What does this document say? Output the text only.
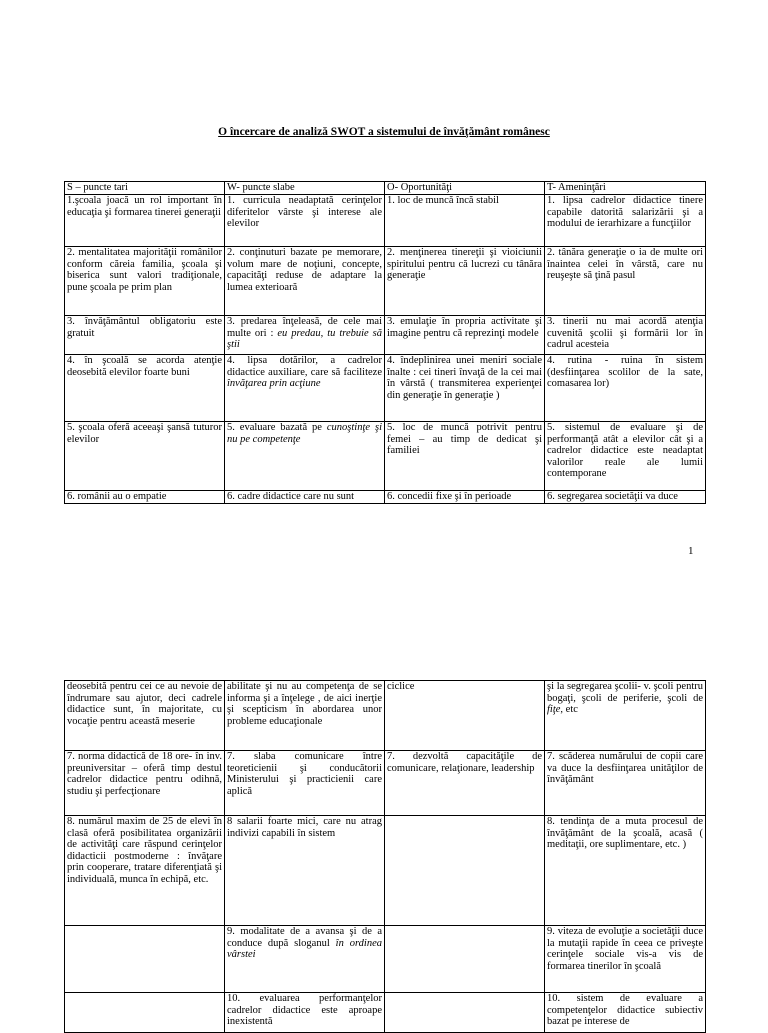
O încercare de analiză SWOT a sistemului de învăţământ românesc
S – puncte tari	W- puncte slabe	O- Oportunităţi	T- Ameninţări
1.şcoala joacă un rol important în educaţia şi formarea tinerei generaţii	1. curricula neadaptată cerinţelor diferitelor vârste şi interese ale elevilor	1. loc de muncă încă stabil	1. lipsa cadrelor didactice tinere capabile datorită salarizării şi a modului de ierarhizare a funcţiilor
2. mentalitatea majorităţii românilor conform căreia familia, şcoala şi biserica sunt valori tradiţionale, pune şcoala pe prim plan	2. conţinuturi bazate pe memorare, volum mare de noţiuni, concepte, capacităţi reduse de adaptare la lumea exterioară	2. menţinerea tinereţii şi vioiciunii spiritului pentru că lucrezi cu tânăra generaţie	2. tânăra generaţie o ia de multe ori înaintea celei în vârstă, care nu reuşeşte să ţină pasul
3. învăţământul obligatoriu este gratuit	3. predarea înţeleasă, de cele mai multe ori : eu predau, tu trebuie să ştii	3. emulaţie în propria activitate şi imagine pentru că reprezinţi modele	3. tinerii nu mai acordă atenţia cuvenită şcolii şi formării lor în cadrul acesteia
4. în şcoală se acorda atenţie deosebită elevilor foarte buni	4. lipsa dotărilor, a cadrelor didactice auxiliare, care să faciliteze învăţarea prin acţiune	4. îndeplinirea unei meniri sociale înalte : cei tineri învaţă de la cei mai în vârstă ( transmiterea experienţei din generaţie în generaţie )	4. rutina - ruina în sistem (desfiinţarea scolilor de la sate, comasarea lor)
5. şcoala oferă aceeaşi şansă tuturor elevilor	5. evaluare bazată pe cunoştinţe şi nu pe competenţe	5. loc de muncă potrivit pentru femei – au timp de dedicat şi familiei	5. sistemul de evaluare şi de performanţă atât a elevilor cât şi a cadrelor didactice este neadaptat valorilor reale ale lumii contemporane
6. românii au o empatie	6. cadre didactice care nu sunt	6. concedii fixe şi în perioade	6. segregarea societăţii va duce
1
deosebită pentru cei ce au nevoie de îndrumare sau ajutor, deci cadrele didactice sunt, în majoritate, cu vocaţie pentru această meserie	abilitate şi nu au competenţa de se informa şi a înţelege , de aici inerţie şi scepticism în abordarea unor probleme educaţionale	ciclice	şi la segregarea şcolii- v. şcoli pentru bogaţi, şcoli de periferie, şcoli de fiţe, etc
7. norma didactică de 18 ore- în inv. preuniversitar – oferă timp destul cadrelor didactice pentru odihnă, studiu şi perfecţionare	7. slaba comunicare între teoreticienii şi conducătorii Ministerului şi practicienii care aplică	7. dezvoltă capacităţile de comunicare, relaţionare, leadership	7. scăderea numărului de copii care va duce la desfiinţarea unităţilor de învăţământ
8. numărul maxim de 25 de elevi în clasă oferă posibilitatea organizării de activităţi care răspund cerinţelor didacticii postmoderne : învăţare prin cooperare, tratare diferenţiată şi individuală, munca în echipă, etc.	8 salarii foarte mici, care nu atrag indivizi capabili în sistem		8. tendinţa de a muta procesul de învăţământ de la şcoală, acasă ( meditaţii, ore suplimentare, etc. )
	9. modalitate de a avansa şi de a conduce după sloganul în ordinea vârstei		9. viteza de evoluţie a societăţii duce la mutaţii rapide în ceea ce priveşte cerinţele sociale vis-a vis de formarea tinerilor în şcoală
	10. evaluarea performanţelor cadrelor didactice este aproape inexistentă		10. sistem de evaluare a competenţelor didactice subiectiv bazat pe interese de
